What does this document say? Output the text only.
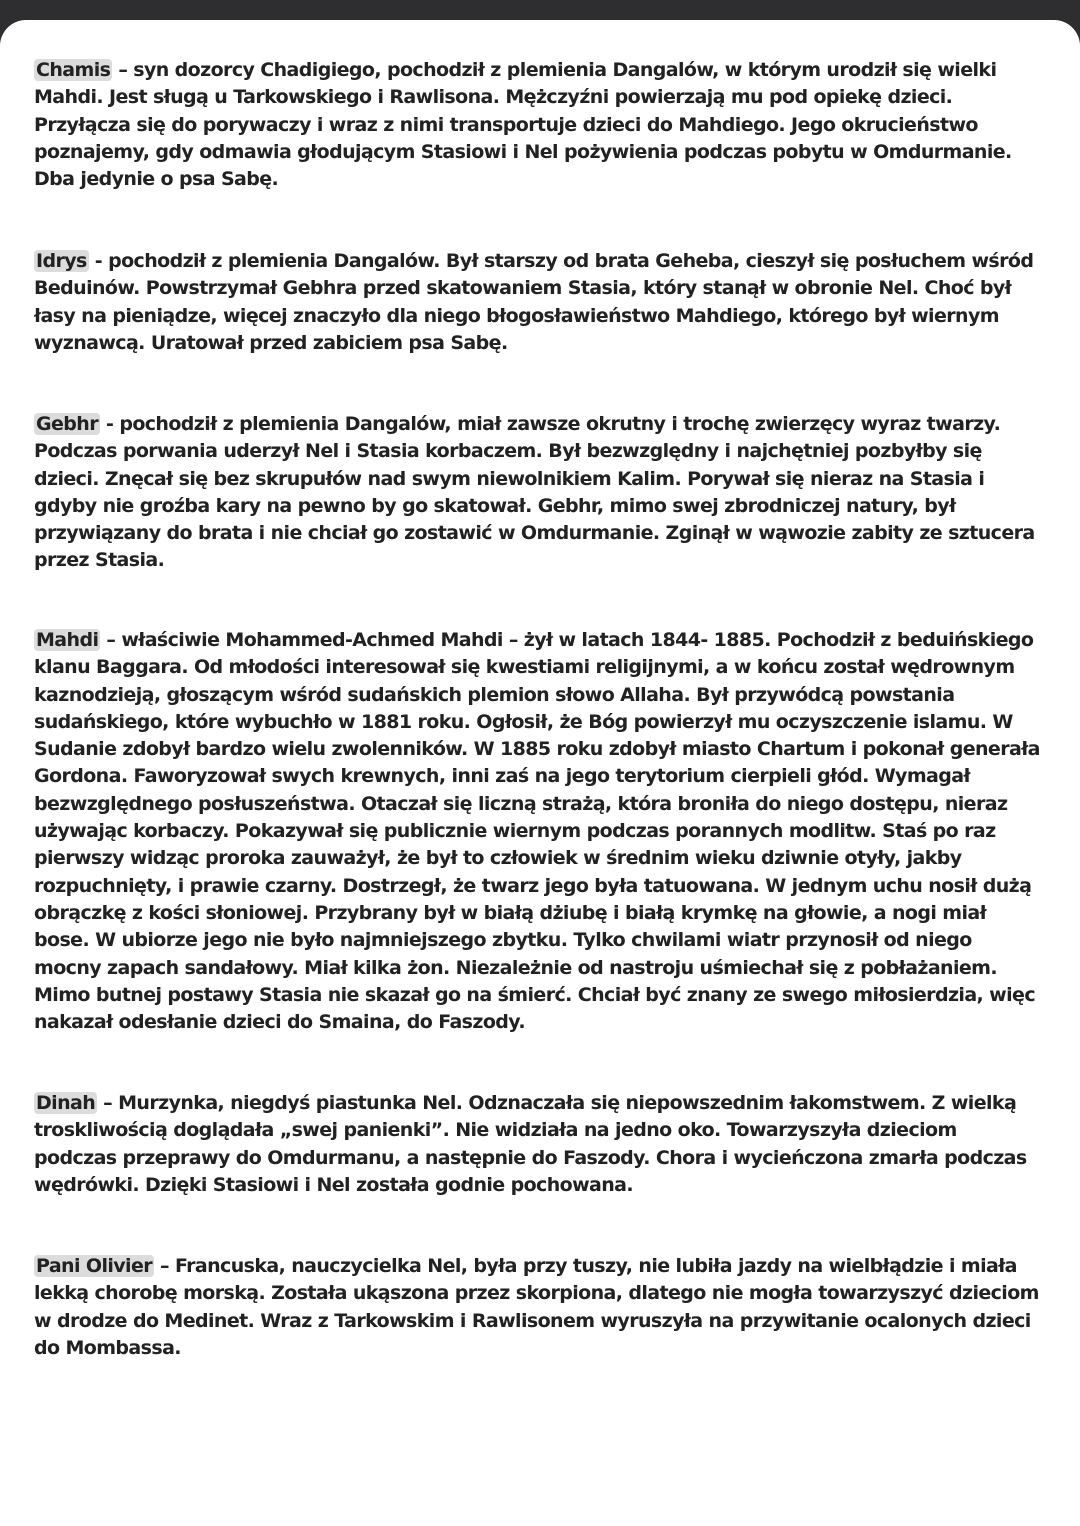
Chamis – syn dozorcy Chadigiego, pochodził z plemienia Dangalów, w którym urodził się wielki Mahdi. Jest sługą u Tarkowskiego i Rawlisona. Mężczyźni powierzają mu pod opiekę dzieci. Przyłącza się do porywaczy i wraz z nimi transportuje dzieci do Mahdiego. Jego okrucieństwo poznajemy, gdy odmawia głodującym Stasiowi i Nel pożywienia podczas pobytu w Omdurmanie. Dba jedynie o psa Sabę.

Idrys - pochodził z plemienia Dangalów. Był starszy od brata Geheba, cieszył się posłuchem wśród Beduinów. Powstrzymał Gebhra przed skatowaniem Stasia, który stanął w obronie Nel. Choć był łasy na pieniądze, więcej znaczyło dla niego błogosławieństwo Mahdiego, którego był wiernym wyznawcą. Uratował przed zabiciem psa Sabę.

Gebhr - pochodził z plemienia Dangalów, miał zawsze okrutny i trochę zwierzęcy wyraz twarzy. Podczas porwania uderzył Nel i Stasia korbaczem. Był bezwzględny i najchętniej pozbyłby się dzieci. Znęcał się bez skrupułów nad swym niewolnikiem Kalim. Porywał się nieraz na Stasia i gdyby nie groźba kary na pewno by go skatował. Gebhr, mimo swej zbrodniczej natury, był przywiązany do brata i nie chciał go zostawić w Omdurmanie. Zginął w wąwozie zabity ze sztucera przez Stasia.

Mahdi – właściwie Mohammed-Achmed Mahdi – żył w latach 1844- 1885. Pochodził z beduińskiego klanu Baggara. Od młodości interesował się kwestiami religijnymi, a w końcu został wędrownym kaznodzieją, głoszącym wśród sudańskich plemion słowo Allaha. Był przywódcą powstania sudańskiego, które wybuchło w 1881 roku. Ogłosił, że Bóg powierzył mu oczyszczenie islamu. W Sudanie zdobył bardzo wielu zwolenników. W 1885 roku zdobył miasto Chartum i pokonał generała Gordona. Faworyzował swych krewnych, inni zaś na jego terytorium cierpieli głód. Wymagał bezwzględnego posłuszeństwa. Otaczał się liczną strażą, która broniła do niego dostępu, nieraz używając korbaczy. Pokazywał się publicznie wiernym podczas porannych modlitw. Staś po raz pierwszy widząc proroka zauważył, że był to człowiek w średnim wieku dziwnie otyły, jakby rozpuchnięty, i prawie czarny. Dostrzegł, że twarz jego była tatuowana. W jednym uchu nosił dużą obrączkę z kości słoniowej. Przybrany był w białą dżiubę i białą krymkę na głowie, a nogi miał bose. W ubiorze jego nie było najmniejszego zbytku. Tylko chwilami wiatr przynosił od niego mocny zapach sandałowy. Miał kilka żon. Niezależnie od nastroju uśmiechał się z pobłażaniem. Mimo butnej postawy Stasia nie skazał go na śmierć. Chciał być znany ze swego miłosierdzia, więc nakazał odesłanie dzieci do Smaina, do Faszody.

Dinah – Murzynka, niegdyś piastunka Nel. Odznaczała się niepowszednim łakomstwem. Z wielką troskliwością doglądała „swej panienki”. Nie widziała na jedno oko. Towarzyszyła dzieciom podczas przeprawy do Omdurmanu, a następnie do Faszody. Chora i wycieńczona zmarła podczas wędrówki. Dzięki Stasiowi i Nel została godnie pochowana.

Pani Olivier – Francuska, nauczycielka Nel, była przy tuszy, nie lubiła jazdy na wielbłądzie i miała lekką chorobę morską. Została ukąszona przez skorpiona, dlatego nie mogła towarzyszyć dzieciom w drodze do Medinet. Wraz z Tarkowskim i Rawlisonem wyruszyła na przywitanie ocalonych dzieci do Mombassa.
